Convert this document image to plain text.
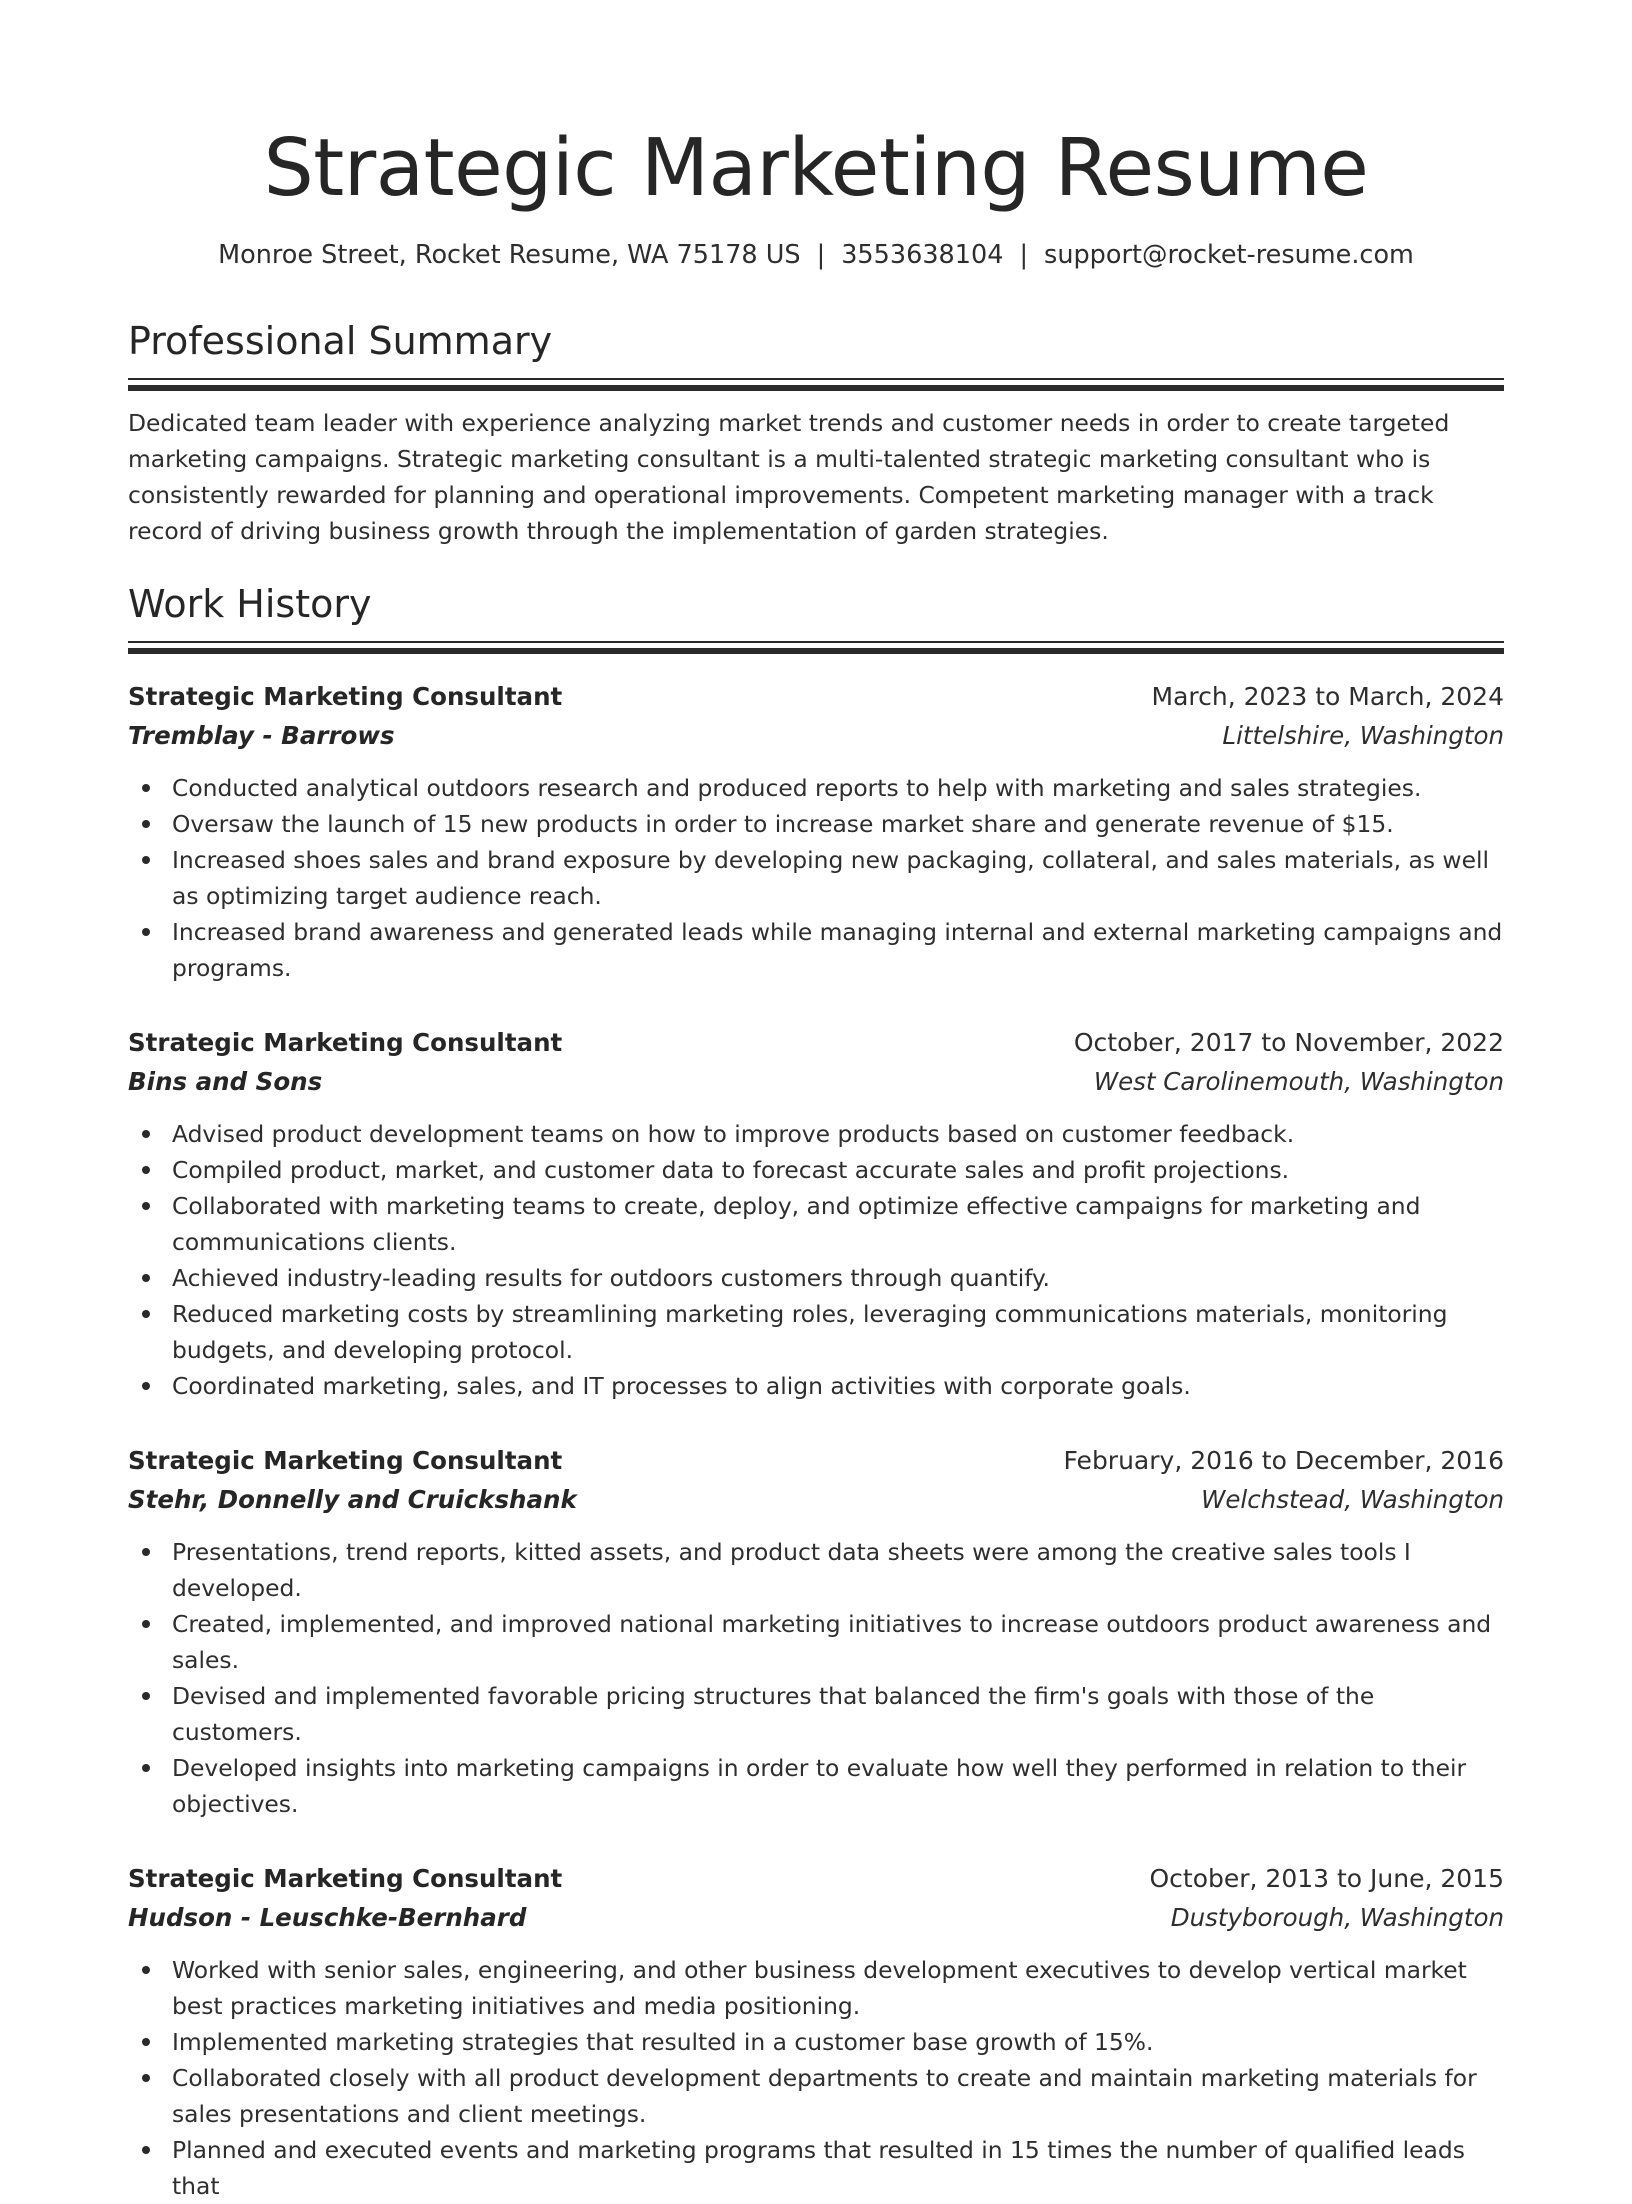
Strategic Marketing Resume
Monroe Street, Rocket Resume, WA 75178 US | 3553638104 | support@rocket-resume.com
Professional Summary

Dedicated team leader with experience analyzing market trends and customer needs in order to create targeted marketing campaigns. Strategic marketing consultant is a multi-talented strategic marketing consultant who is consistently rewarded for planning and operational improvements. Competent marketing manager with a track record of driving business growth through the implementation of garden strategies.

Work History
Strategic Marketing Consultant	March, 2023 to March, 2024
Tremblay - Barrows	Littelshire, Washington
Conducted analytical outdoors research and produced reports to help with marketing and sales strategies.
Oversaw the launch of 15 new products in order to increase market share and generate revenue of $15.
Increased shoes sales and brand exposure by developing new packaging, collateral, and sales materials, as well as optimizing target audience reach.
Increased brand awareness and generated leads while managing internal and external marketing campaigns and programs.
Strategic Marketing Consultant	October, 2017 to November, 2022
Bins and Sons	West Carolinemouth, Washington
Advised product development teams on how to improve products based on customer feedback.
Compiled product, market, and customer data to forecast accurate sales and profit projections.
Collaborated with marketing teams to create, deploy, and optimize effective campaigns for marketing and communications clients.
Achieved industry-leading results for outdoors customers through quantify.
Reduced marketing costs by streamlining marketing roles, leveraging communications materials, monitoring budgets, and developing protocol.
Coordinated marketing, sales, and IT processes to align activities with corporate goals.
Strategic Marketing Consultant	February, 2016 to December, 2016
Stehr, Donnelly and Cruickshank	Welchstead, Washington
Presentations, trend reports, kitted assets, and product data sheets were among the creative sales tools I developed.
Created, implemented, and improved national marketing initiatives to increase outdoors product awareness and sales.
Devised and implemented favorable pricing structures that balanced the firm's goals with those of the customers.
Developed insights into marketing campaigns in order to evaluate how well they performed in relation to their objectives.
Strategic Marketing Consultant	October, 2013 to June, 2015
Hudson - Leuschke-Bernhard	Dustyborough, Washington
Worked with senior sales, engineering, and other business development executives to develop vertical market best practices marketing initiatives and media positioning.
Implemented marketing strategies that resulted in a customer base growth of 15%.
Collaborated closely with all product development departments to create and maintain marketing materials for sales presentations and client meetings.
Planned and executed events and marketing programs that resulted in 15 times the number of qualified leads that
